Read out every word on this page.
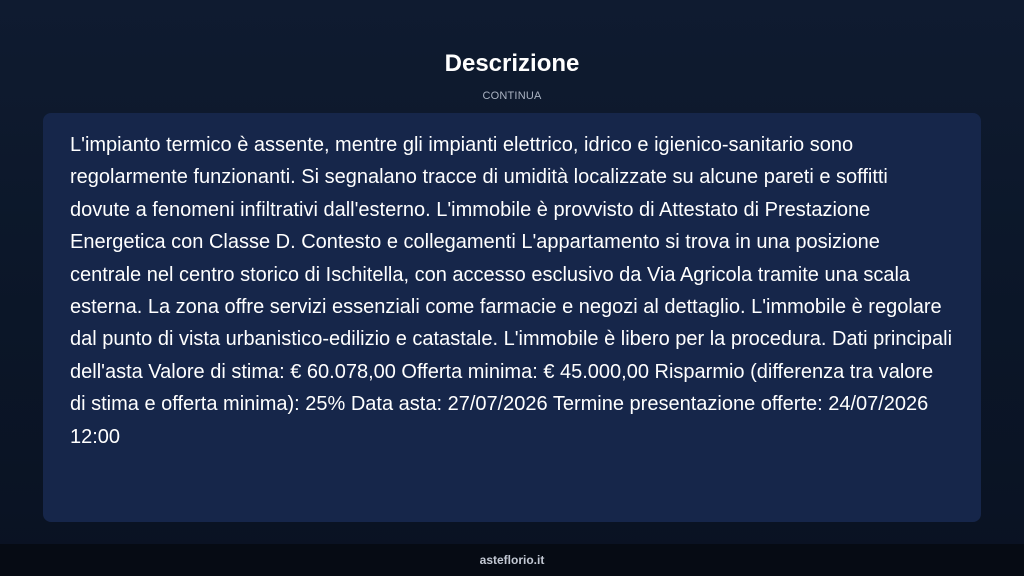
Descrizione
CONTINUA

L'impianto termico è assente, mentre gli impianti elettrico, idrico e igienico-sanitario sono regolarmente funzionanti. Si segnalano tracce di umidità localizzate su alcune pareti e soffitti dovute a fenomeni infiltrativi dall'esterno. L'immobile è provvisto di Attestato di Prestazione Energetica con Classe D. Contesto e collegamenti L'appartamento si trova in una posizione centrale nel centro storico di Ischitella, con accesso esclusivo da Via Agricola tramite una scala esterna. La zona offre servizi essenziali come farmacie e negozi al dettaglio. L'immobile è regolare dal punto di vista urbanistico-edilizio e catastale. L'immobile è libero per la procedura. Dati principali dell'asta Valore di stima: € 60.078,00 Offerta minima: € 45.000,00 Risparmio (differenza tra valore di stima e offerta minima): 25% Data asta: 27/07/2026 Termine presentazione offerte: 24/07/2026 12:00

asteflorio.it
